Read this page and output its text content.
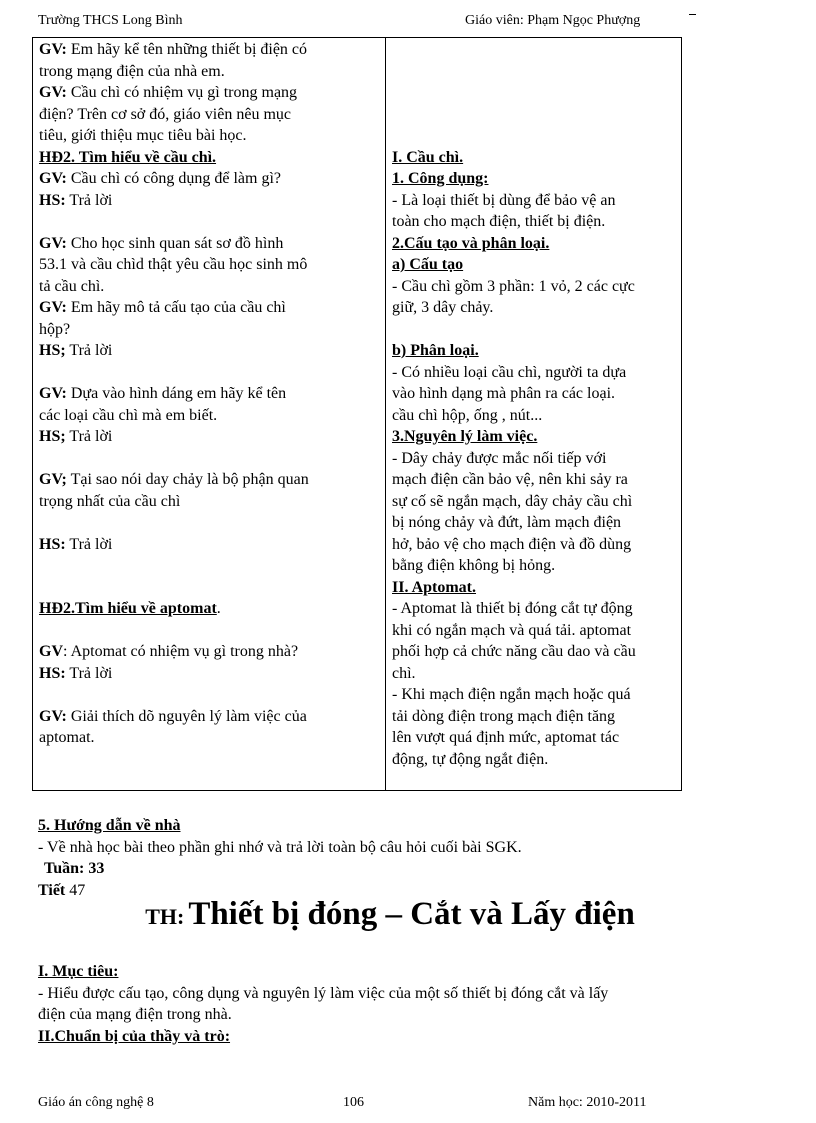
Trường THCS Long Bình	Giáo viên: Phạm Ngọc Phượng
GV: Em hãy kể tên những thiết bị điện có
trong mạng điện của nhà em.
GV: Cầu chì có nhiệm vụ gì trong mạng
điện? Trên cơ sở đó, giáo viên nêu mục
tiêu, giới thiệu mục tiêu bài học.
HĐ2. Tìm hiểu về cầu chì.
GV: Cầu chì có công dụng để làm gì?
HS: Trả lời
GV: Cho học sinh quan sát sơ đồ hình
53.1 và cầu chìd thật yêu cầu học sinh mô
tả cầu chì.
GV: Em hãy mô tả cấu tạo của cầu chì
hộp?
HS; Trả lời
GV: Dựa vào hình dáng em hãy kể tên
các loại cầu chì mà em biết.
HS; Trả lời
GV; Tại sao nói day chảy là bộ phận quan
trọng nhất của cầu chì
HS: Trả lời
HĐ2.Tìm hiểu về aptomat.
GV: Aptomat có nhiệm vụ gì trong nhà?
HS: Trả lời
GV: Giải thích dõ nguyên lý làm việc của
aptomat.

I. Cầu chì.
1. Công dụng:
- Là loại thiết bị dùng để bảo vệ an
toàn cho mạch điện, thiết bị điện.
2.Cấu tạo và phân loại.
a) Cấu tạo
- Cầu chì gồm 3 phần: 1 vỏ, 2 các cực
giữ, 3 dây chảy.
b) Phân loại.
- Có nhiều loại cầu chì, người ta dựa
vào hình dạng mà phân ra các loại.
cầu chì hộp, ống , nút...
3.Nguyên lý làm việc.
- Dây chảy được mắc nối tiếp với
mạch điện cần bảo vệ, nên khi sảy ra
sự cố sẽ ngắn mạch, dây chảy cầu chì
bị nóng chảy và đứt, làm mạch điện
hở, bảo vệ cho mạch điện và đồ dùng
bằng điện không bị hỏng.
II. Aptomat.
- Aptomat là thiết bị đóng cắt tự động
khi có ngắn mạch và quá tải. aptomat
phối hợp cả chức năng cầu dao và cầu
chì.
- Khi mạch điện ngắn mạch hoặc quá
tải dòng điện trong mạch điện tăng
lên vượt quá định mức, aptomat tác
động, tự động ngắt điện.
5. Hướng dẫn về nhà
- Về nhà học bài theo phần ghi nhớ và trả lời toàn bộ câu hỏi cuối bài SGK.
Tuần: 33
Tiết 47
TH: Thiết bị đóng – Cắt và Lấy điện
I. Mục tiêu:
- Hiểu được cấu tạo, công dụng và nguyên lý làm việc của một số thiết bị đóng cắt và lấy
điện của mạng điện trong nhà.
II.Chuẩn bị của thầy và trò:
Giáo án công nghệ 8	106	Năm học: 2010-2011
